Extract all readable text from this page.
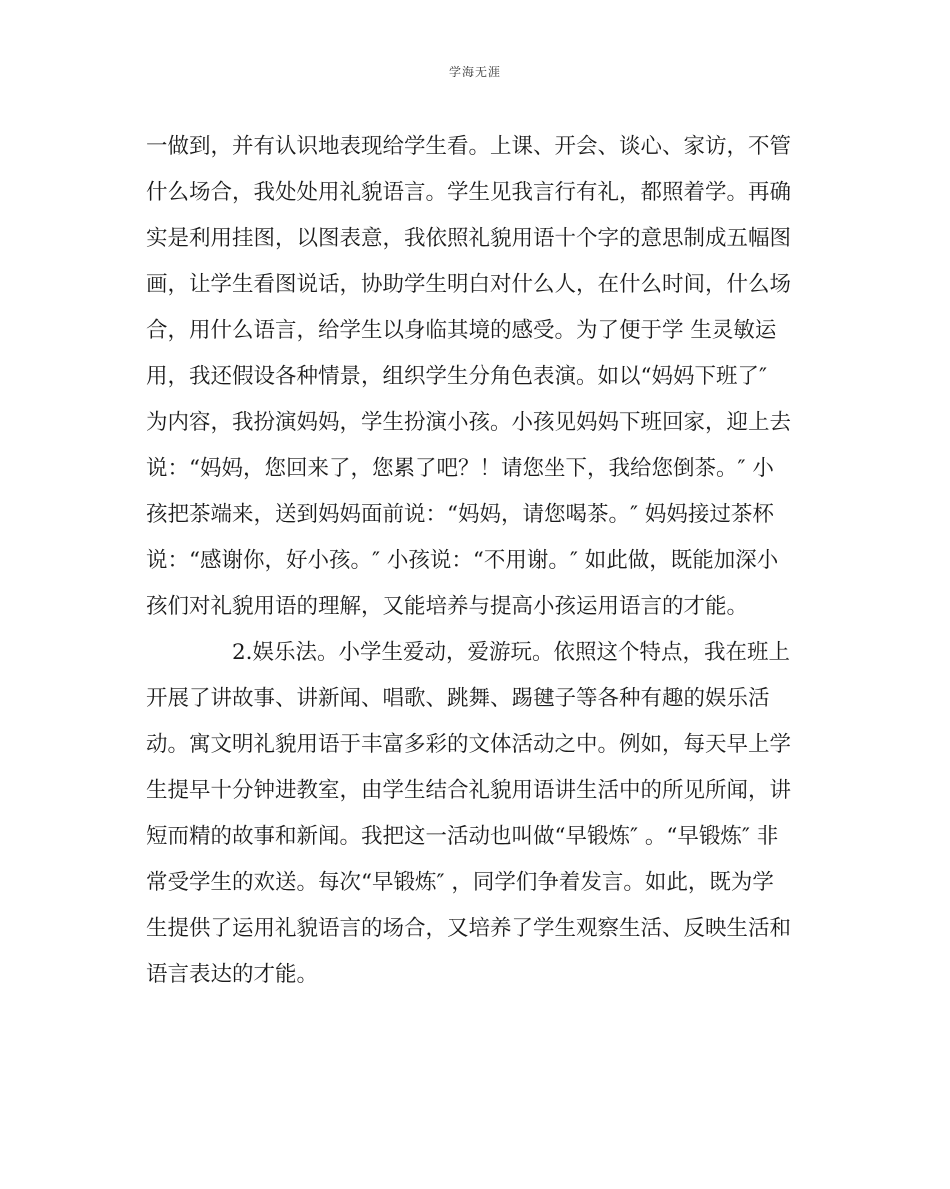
学海无涯
一做到，并有认识地表现给学生看。上课、开会、谈心、家访，不管
什么场合，我处处用礼貌语言。学生见我言行有礼，都照着学。再确
实是利用挂图，以图表意，我依照礼貌用语十个字的意思制成五幅图
画，让学生看图说话，协助学生明白对什么人，在什么时间，什么场
合，用什么语言，给学生以身临其境的感受。为了便于学 生灵敏运
用，我还假设各种情景，组织学生分角色表演。如以“妈妈下班了″
为内容，我扮演妈妈，学生扮演小孩。小孩见妈妈下班回家，迎上去
说：“妈妈，您回来了，您累了吧？！请您坐下，我给您倒茶。″ 小
孩把茶端来，送到妈妈面前说：“妈妈，请您喝茶。″ 妈妈接过茶杯
说：“感谢你，好小孩。″ 小孩说：“不用谢。″ 如此做，既能加深小
孩们对礼貌用语的理解，又能培养与提高小孩运用语言的才能。
2.娱乐法。小学生爱动，爱游玩。依照这个特点，我在班上
开展了讲故事、讲新闻、唱歌、跳舞、踢毽子等各种有趣的娱乐活
动。寓文明礼貌用语于丰富多彩的文体活动之中。例如，每天早上学
生提早十分钟进教室，由学生结合礼貌用语讲生活中的所见所闻，讲
短而精的故事和新闻。我把这一活动也叫做“早锻炼″ 。“早锻炼″ 非
常受学生的欢送。每次“早锻炼″ ，同学们争着发言。如此，既为学
生提供了运用礼貌语言的场合，又培养了学生观察生活、反映生活和
语言表达的才能。
